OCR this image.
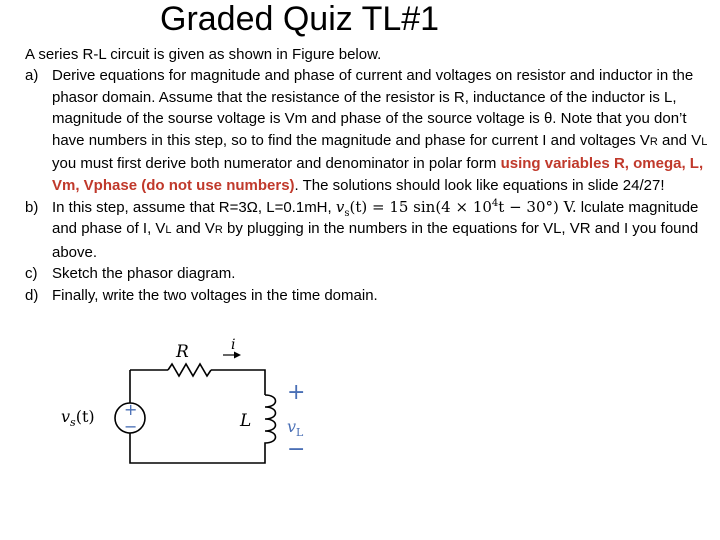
Graded Quiz TL#1
A series R-L circuit is given as shown in Figure below.
a) Derive equations for magnitude and phase of current and voltages on resistor and inductor in the phasor domain. Assume that the resistance of the resistor is R, inductance of the inductor is L, magnitude of the sourse voltage is Vm and phase of the source voltage is θ. Note that you don’t have numbers in this step, so to find the magnitude and phase for current I and voltages VR and VL you must first derive both numerator and denominator in polar form using variables R, omega, L, Vm, Vphase (do not use numbers). The solutions should look like equations in slide 24/27!
b) In this step, assume that R=3Ω, L=0.1mH, $v_s(t) = 15$ $\sin(4 \times 10^4t - 30^\circ)$ V. lculate magnitude and phase of I, VL and VR by plugging in the numbers in the equations for VL, VR and I you found above.
c) Sketch the phasor diagram.
d) Finally, write the two voltages in the time domain.
R	i
L
$v_s(t)$ +
−
+
$v_L$
−
